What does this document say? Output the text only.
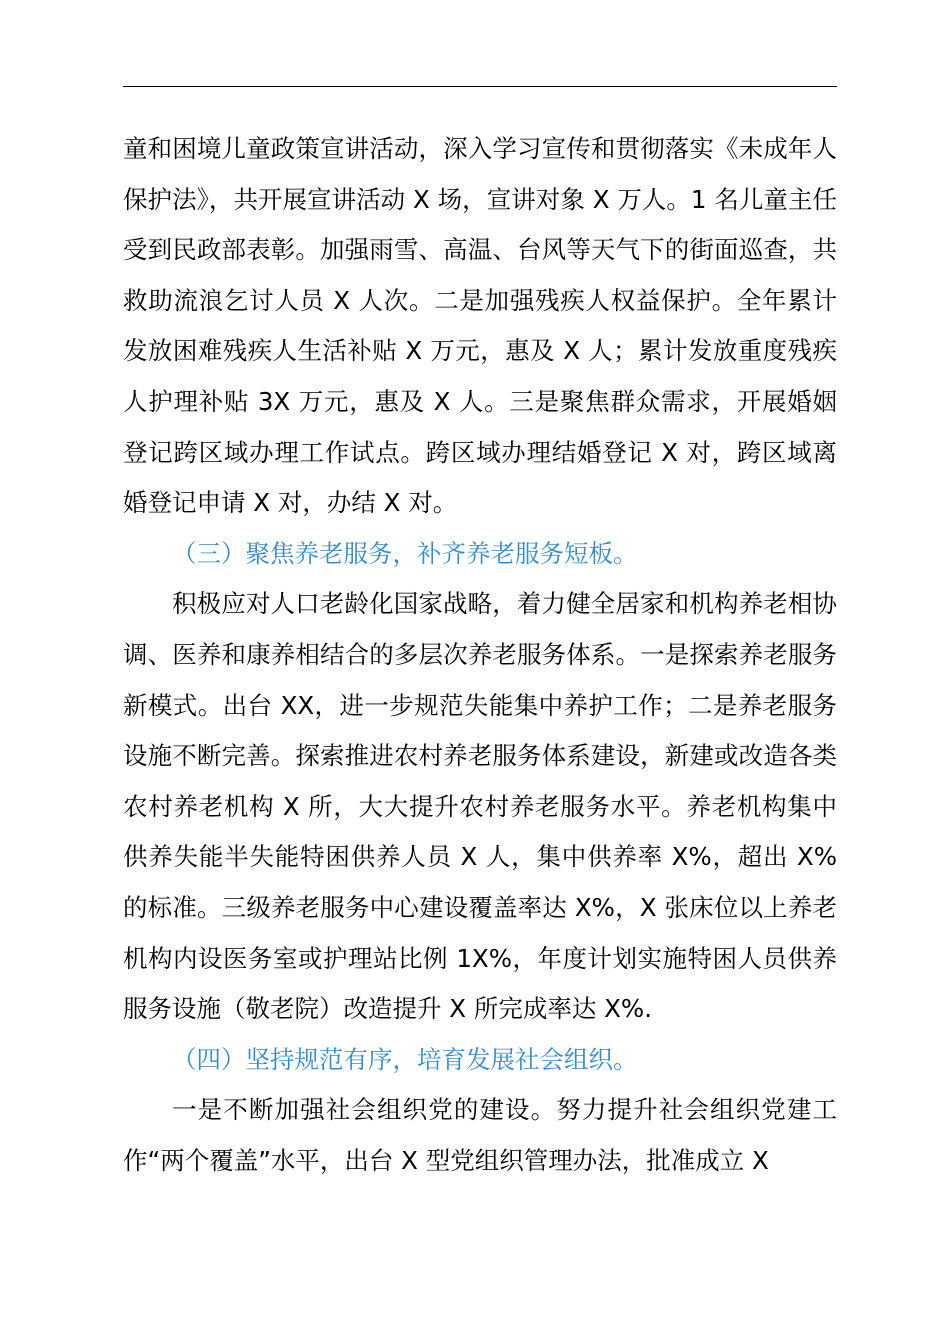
童和困境儿童政策宣讲活动，深入学习宣传和贯彻落实《未成年人保护法》，共开展宣讲活动 X 场，宣讲对象 X 万人。1 名儿童主任受到民政部表彰。加强雨雪、高温、台风等天气下的街面巡查，共救助流浪乞讨人员 X 人次。二是加强残疾人权益保护。全年累计发放困难残疾人生活补贴 X 万元，惠及 X 人；累计发放重度残疾人护理补贴 3X 万元，惠及 X 人。三是聚焦群众需求，开展婚姻登记跨区域办理工作试点。跨区域办理结婚登记 X 对，跨区域离婚登记申请 X 对，办结 X 对。

（三）聚焦养老服务，补齐养老服务短板。

积极应对人口老龄化国家战略，着力健全居家和机构养老相协调、医养和康养相结合的多层次养老服务体系。一是探索养老服务新模式。出台 XX，进一步规范失能集中养护工作；二是养老服务设施不断完善。探索推进农村养老服务体系建设，新建或改造各类农村养老机构 X 所，大大提升农村养老服务水平。养老机构集中供养失能半失能特困供养人员 X 人，集中供养率 X%，超出 X%的标准。三级养老服务中心建设覆盖率达 X%，X 张床位以上养老机构内设医务室或护理站比例 1X%，年度计划实施特困人员供养服务设施（敬老院）改造提升 X 所完成率达 X%.

（四）坚持规范有序，培育发展社会组织。

一是不断加强社会组织党的建设。努力提升社会组织党建工作“两个覆盖”水平，出台 X 型党组织管理办法，批准成立 X
